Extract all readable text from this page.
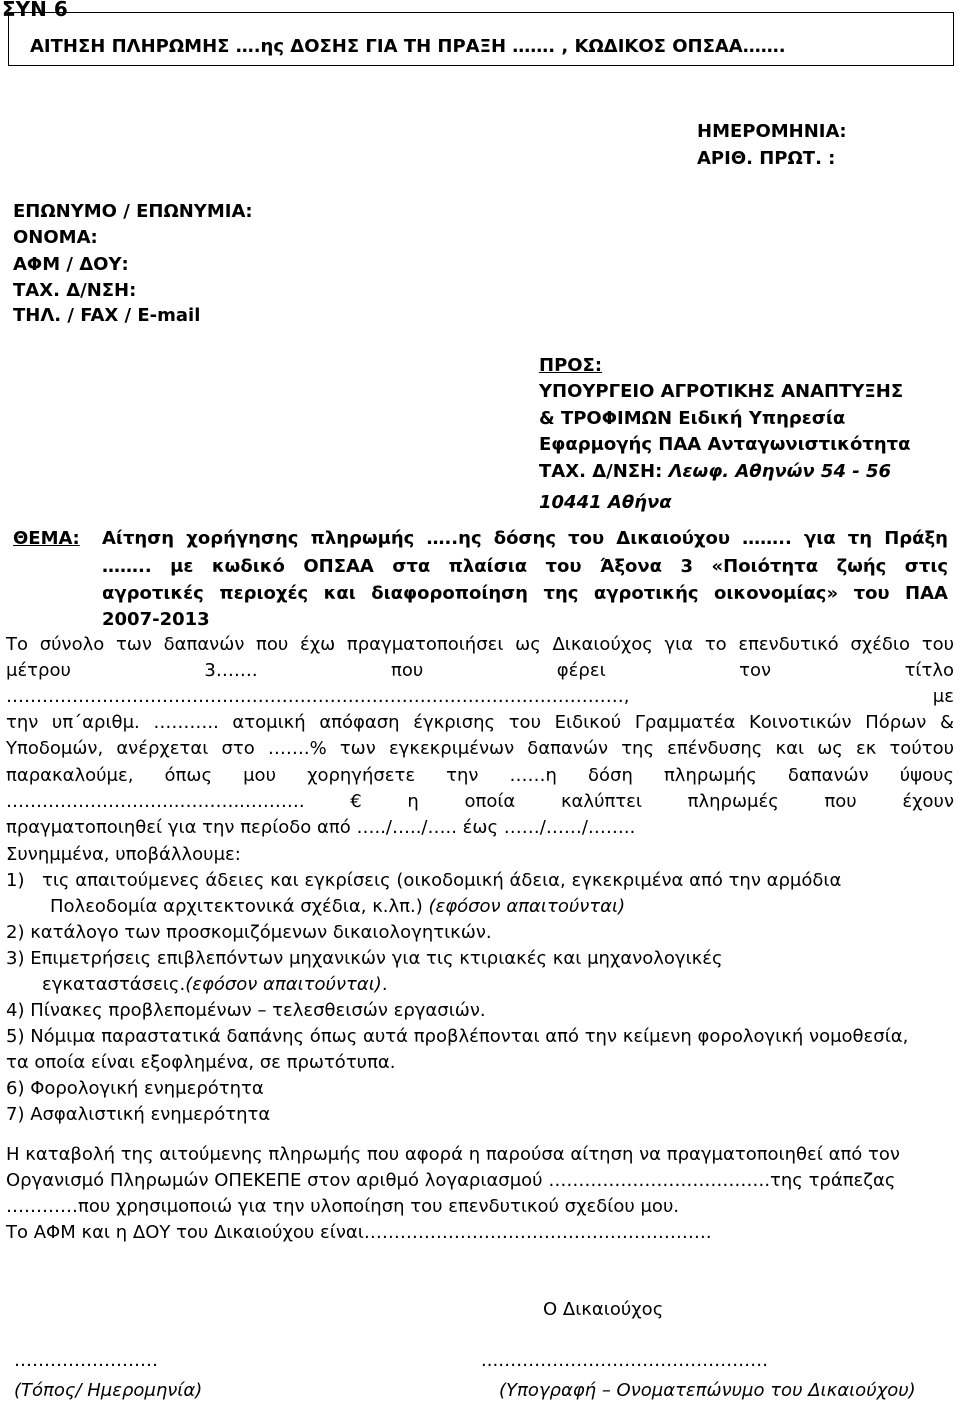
ΣΥΝ 6
ΑΙΤΗΣΗ ΠΛΗΡΩΜΗΣ ….ης ΔΟΣΗΣ ΓΙΑ ΤΗ ΠΡΑΞΗ ……. , ΚΩΔΙΚΟΣ ΟΠΣΑΑ…….
ΗΜΕΡΟΜΗΝΙΑ:
ΑΡΙΘ. ΠΡΩΤ. :
ΕΠΩΝΥΜΟ / ΕΠΩΝΥΜΙΑ:
ΟΝΟΜΑ:
ΑΦΜ / ΔΟΥ:
ΤΑΧ. Δ/ΝΣΗ:
ΤΗΛ. / FAX / E-mail
ΠΡΟΣ:
ΥΠΟΥΡΓΕΙΟ ΑΓΡΟΤΙΚΗΣ ΑΝΑΠΤΥΞΗΣ
& ΤΡΟΦΙΜΩΝ Ειδική Υπηρεσία
Εφαρμογής ΠΑΑ Ανταγωνιστικότητα
ΤΑΧ. Δ/ΝΣΗ: Λεωφ. Αθηνών 54 - 56
10441 Αθήνα
ΘΕΜΑ: Αίτηση χορήγησης πληρωμής …..ης δόσης του Δικαιούχου …….. για τη Πράξη
…….. με κωδικό ΟΠΣΑΑ στα πλαίσια του Άξονα 3 «Ποιότητα ζωής στις
αγροτικές περιοχές και διαφοροποίηση της αγροτικής οικονομίας» του ΠΑΑ
2007-2013
Το σύνολο των δαπανών που έχω πραγματοποιήσει ως Δικαιούχος για το επενδυτικό σχέδιο του
μέτρου 3……. που φέρει τον τίτλο
………………………………….………………………………………………………, με
την υπ΄αριθμ. ……….. ατομική απόφαση έγκρισης του Ειδικού Γραμματέα Κοινοτικών Πόρων &
Υποδομών, ανέρχεται στο …….% των εγκεκριμένων δαπανών της επένδυσης και ως εκ τούτου
παρακαλούμε, όπως μου χορηγήσετε την ……η δόση πληρωμής δαπανών ύψους
………………………..………..………. € η οποία καλύπτει πληρωμές που έχουν
πραγματοποιηθεί για την περίοδο από …../…../….. έως ……/……/……..
Συνημμένα, υποβάλλουμε:
1) τις απαιτούμενες άδειες και εγκρίσεις (οικοδομική άδεια, εγκεκριμένα από την αρμόδια
Πολεοδομία αρχιτεκτονικά σχέδια, κ.λπ.) (εφόσον απαιτούνται)
2) κατάλογο των προσκομιζόμενων δικαιολογητικών.
3) Επιμετρήσεις επιβλεπόντων μηχανικών για τις κτιριακές και μηχανολογικές
εγκαταστάσεις.(εφόσον απαιτούνται).
4) Πίνακες προβλεπομένων – τελεσθεισών εργασιών.
5) Νόμιμα παραστατικά δαπάνης όπως αυτά προβλέπονται από την κείμενη φορολογική νομοθεσία,
τα οποία είναι εξοφλημένα, σε πρωτότυπα.
6) Φορολογική ενημερότητα
7) Ασφαλιστική ενημερότητα
Η καταβολή της αιτούμενης πληρωμής που αφορά η παρούσα αίτηση να πραγματοποιηθεί από τον
Οργανισμό Πληρωμών ΟΠΕΚΕΠΕ στον αριθμό λογαριασμού ……………………………….της τράπεζας
…………που χρησιμοποιώ για την υλοποίηση του επενδυτικού σχεδίου μου.
Το ΑΦΜ και η ΔΟΥ του Δικαιούχου είναι………………………………………………….
Ο Δικαιούχος
……………………	...………………………………………
(Τόπος/ Ημερομηνία)	(Υπογραφή – Ονοματεπώνυμο του Δικαιούχου)
